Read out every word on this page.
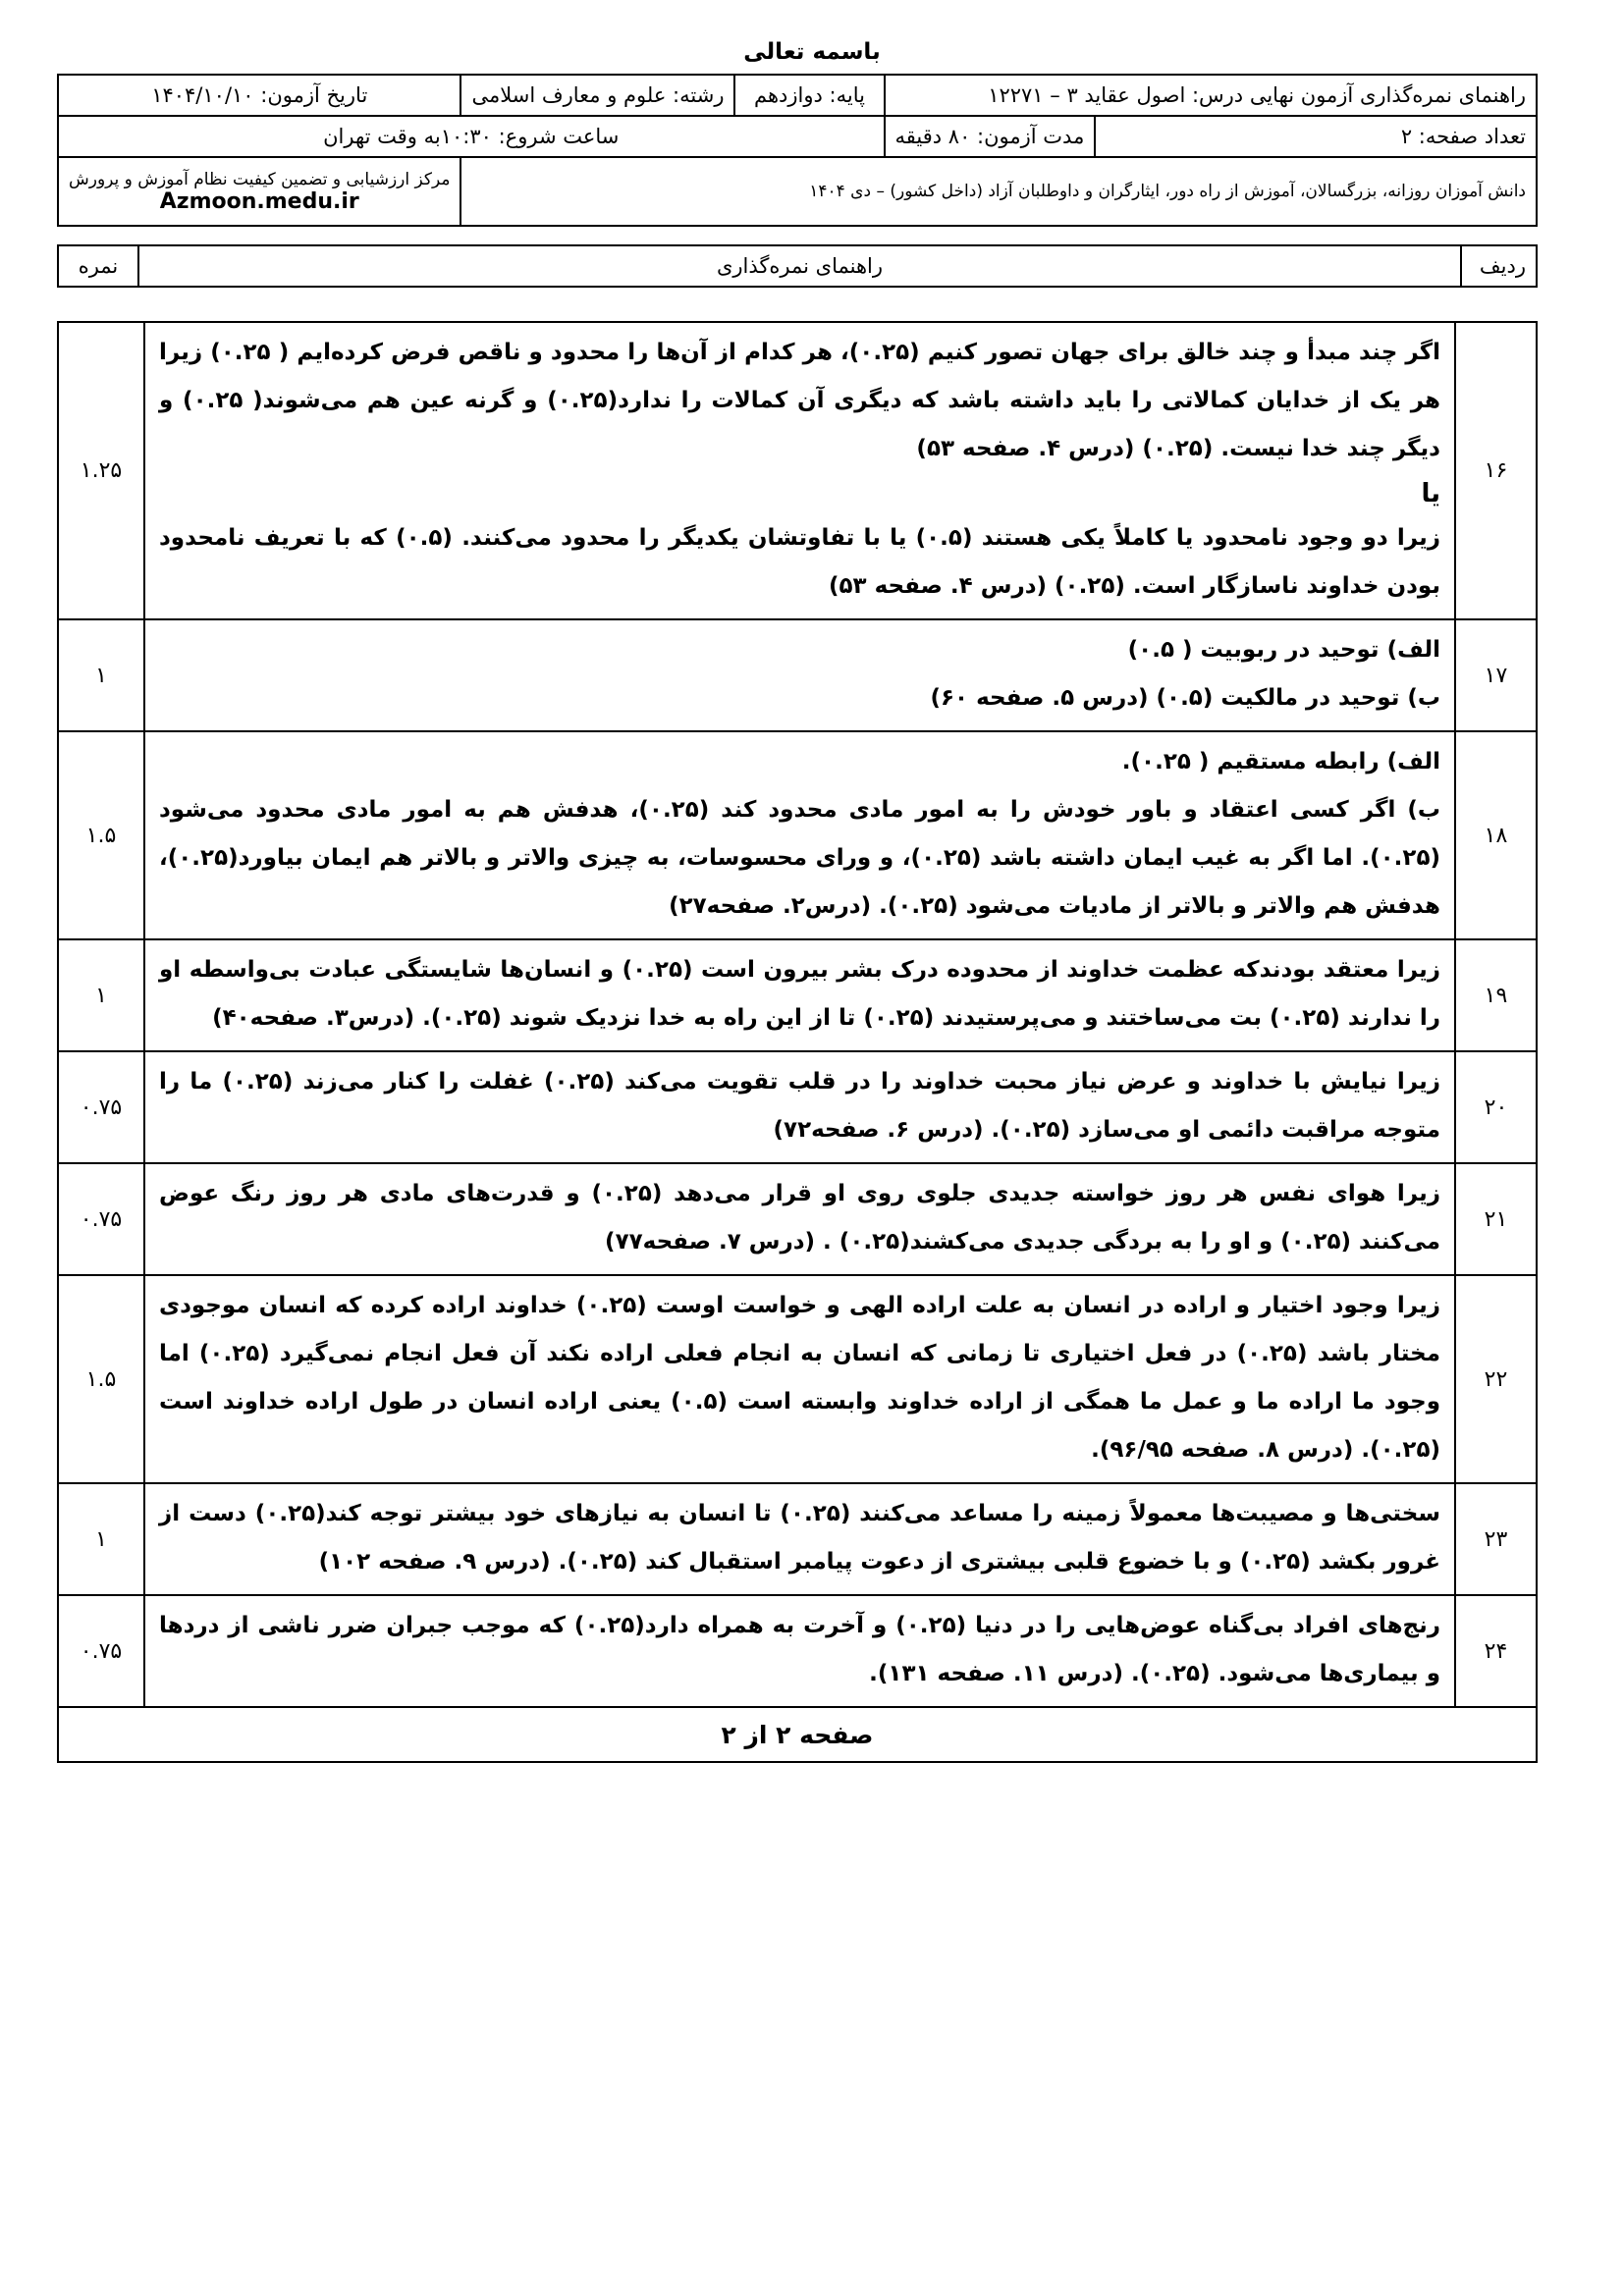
باسمه تعالی
راهنمای نمره‌گذاری آزمون نهایی درس: اصول عقاید ۳ – ۱۲۲۷۱		پایه: دوازدهم	رشته: علوم و معارف اسلامی	تاریخ آزمون: ۱۴۰۴/۱۰/۱۰
تعداد صفحه: ۲	مدت آزمون: ۸۰ دقیقه	ساعت شروع: ۱۰:۳۰به وقت تهران		
دانش آموزان روزانه، بزرگسالان، آموزش از راه دور، ایثارگران و داوطلبان آزاد (داخل کشور) – دی ۱۴۰۴				مرکز ارزشیابی و تضمین کیفیت نظام آموزش و پرورش
Azmoon.medu.ir
ردیف	راهنمای نمره‌گذاری	نمره
۱۶	اگر چند مبدأ و چند خالق برای جهان تصور کنیم (۰.۲۵)، هر کدام از آن‌ها را محدود و ناقص فرض کرده‌ایم ( ۰.۲۵) زیرا هر یک از خدایان کمالاتی را باید داشته باشد که دیگری آن کمالات را ندارد(۰.۲۵) و گرنه عین هم می‌شوند( ۰.۲۵) و دیگر چند خدا نیست. (۰.۲۵) (درس ۴. صفحه ۵۳)
یا
زیرا دو وجود نامحدود یا کاملاً یکی هستند (۰.۵) یا با تفاوتشان یکدیگر را محدود می‌کنند. (۰.۵) که با تعریف نامحدود بودن خداوند ناسازگار است. (۰.۲۵) (درس ۴. صفحه ۵۳)	۱.۲۵
۱۷	الف) توحید در ربوبیت ( ۰.۵)
ب) توحید در مالکیت (۰.۵) (درس ۵. صفحه ۶۰)	۱
۱۸	الف) رابطه مستقیم ( ۰.۲۵).
ب) اگر کسی اعتقاد و باور خودش را به امور مادی محدود کند (۰.۲۵)، هدفش هم به امور مادی محدود می‌شود (۰.۲۵). اما اگر به غیب ایمان داشته باشد (۰.۲۵)، و ورای محسوسات، به چیزی والاتر و بالاتر هم ایمان بیاورد(۰.۲۵)، هدفش هم والاتر و بالاتر از مادیات می‌شود (۰.۲۵). (درس۲. صفحه۲۷)	۱.۵
۱۹	زیرا معتقد بودندکه عظمت خداوند از محدوده درک بشر بیرون است (۰.۲۵) و انسان‌ها شایستگی عبادت بی‌واسطه او را ندارند (۰.۲۵) بت می‌ساختند و می‌پرستیدند (۰.۲۵) تا از این راه به خدا نزدیک شوند (۰.۲۵). (درس۳. صفحه۴۰)	۱
۲۰	زیرا نیایش با خداوند و عرض نیاز محبت خداوند را در قلب تقویت می‌کند (۰.۲۵) غفلت را کنار می‌زند (۰.۲۵) ما را متوجه مراقبت دائمی او می‌سازد (۰.۲۵). (درس ۶. صفحه۷۲)	۰.۷۵
۲۱	زیرا هوای نفس هر روز خواسته جدیدی جلوی روی او قرار می‌دهد (۰.۲۵) و قدرت‌های مادی هر روز رنگ عوض می‌کنند (۰.۲۵) و او را به بردگی جدیدی می‌کشند(۰.۲۵) . (درس ۷. صفحه۷۷)	۰.۷۵
۲۲	زیرا وجود اختیار و اراده در انسان به علت اراده الهی و خواست اوست (۰.۲۵) خداوند اراده کرده که انسان موجودی مختار باشد (۰.۲۵) در فعل اختیاری تا زمانی که انسان به انجام فعلی اراده نکند آن فعل انجام نمی‌گیرد (۰.۲۵) اما وجود ما اراده ما و عمل ما همگی از اراده خداوند وابسته است (۰.۵) یعنی اراده انسان در طول اراده خداوند است (۰.۲۵). (درس ۸. صفحه ۹۶/۹۵).	۱.۵
۲۳	سختی‌ها و مصیبت‌ها معمولاً زمینه را مساعد می‌کنند (۰.۲۵) تا انسان به نیازهای خود بیشتر توجه کند(۰.۲۵) دست از غرور بکشد (۰.۲۵) و با خضوع قلبی بیشتری از دعوت پیامبر استقبال کند (۰.۲۵). (درس ۹. صفحه ۱۰۲)	۱
۲۴	رنج‌های افراد بی‌گناه عوض‌هایی را در دنیا (۰.۲۵) و آخرت به همراه دارد(۰.۲۵) که موجب جبران ضرر ناشی از دردها و بیماری‌ها می‌شود. (۰.۲۵). (درس ۱۱. صفحه ۱۳۱).	۰.۷۵
صفحه ۲ از ۲		
